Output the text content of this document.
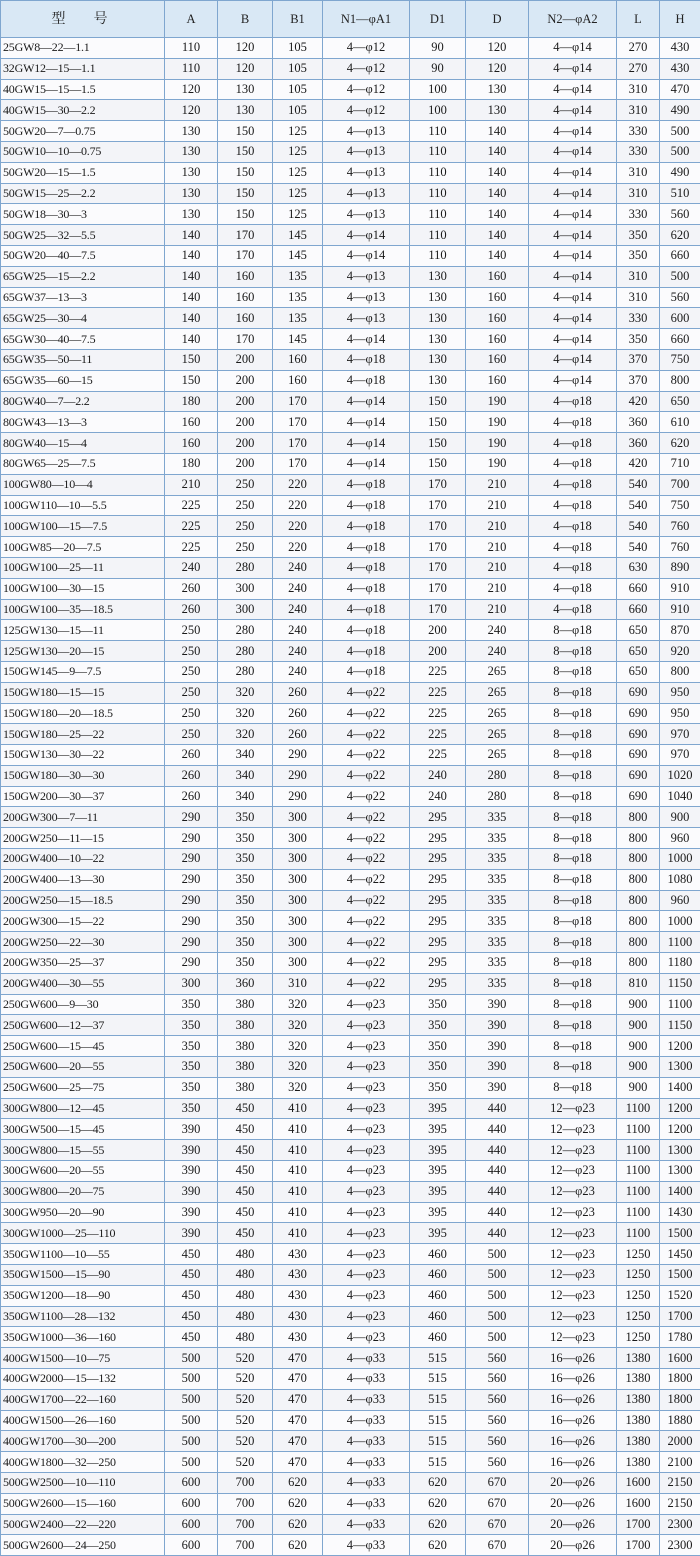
型号	A	B	B1	N1—φA1	D1	D	N2—φA2	L	H
25GW8—22—1.1	110	120	105	4—φ12	90	120	4—φ14	270	430
32GW12—15—1.1	110	120	105	4—φ12	90	120	4—φ14	270	430
40GW15—15—1.5	120	130	105	4—φ12	100	130	4—φ14	310	470
40GW15—30—2.2	120	130	105	4—φ12	100	130	4—φ14	310	490
50GW20—7—0.75	130	150	125	4—φ13	110	140	4—φ14	330	500
50GW10—10—0.75	130	150	125	4—φ13	110	140	4—φ14	330	500
50GW20—15—1.5	130	150	125	4—φ13	110	140	4—φ14	310	490
50GW15—25—2.2	130	150	125	4—φ13	110	140	4—φ14	310	510
50GW18—30—3	130	150	125	4—φ13	110	140	4—φ14	330	560
50GW25—32—5.5	140	170	145	4—φ14	110	140	4—φ14	350	620
50GW20—40—7.5	140	170	145	4—φ14	110	140	4—φ14	350	660
65GW25—15—2.2	140	160	135	4—φ13	130	160	4—φ14	310	500
65GW37—13—3	140	160	135	4—φ13	130	160	4—φ14	310	560
65GW25—30—4	140	160	135	4—φ13	130	160	4—φ14	330	600
65GW30—40—7.5	140	170	145	4—φ14	130	160	4—φ14	350	660
65GW35—50—11	150	200	160	4—φ18	130	160	4—φ14	370	750
65GW35—60—15	150	200	160	4—φ18	130	160	4—φ14	370	800
80GW40—7—2.2	180	200	170	4—φ14	150	190	4—φ18	420	650
80GW43—13—3	160	200	170	4—φ14	150	190	4—φ18	360	610
80GW40—15—4	160	200	170	4—φ14	150	190	4—φ18	360	620
80GW65—25—7.5	180	200	170	4—φ14	150	190	4—φ18	420	710
100GW80—10—4	210	250	220	4—φ18	170	210	4—φ18	540	700
100GW110—10—5.5	225	250	220	4—φ18	170	210	4—φ18	540	750
100GW100—15—7.5	225	250	220	4—φ18	170	210	4—φ18	540	760
100GW85—20—7.5	225	250	220	4—φ18	170	210	4—φ18	540	760
100GW100—25—11	240	280	240	4—φ18	170	210	4—φ18	630	890
100GW100—30—15	260	300	240	4—φ18	170	210	4—φ18	660	910
100GW100—35—18.5	260	300	240	4—φ18	170	210	4—φ18	660	910
125GW130—15—11	250	280	240	4—φ18	200	240	8—φ18	650	870
125GW130—20—15	250	280	240	4—φ18	200	240	8—φ18	650	920
150GW145—9—7.5	250	280	240	4—φ18	225	265	8—φ18	650	800
150GW180—15—15	250	320	260	4—φ22	225	265	8—φ18	690	950
150GW180—20—18.5	250	320	260	4—φ22	225	265	8—φ18	690	950
150GW180—25—22	250	320	260	4—φ22	225	265	8—φ18	690	970
150GW130—30—22	260	340	290	4—φ22	225	265	8—φ18	690	970
150GW180—30—30	260	340	290	4—φ22	240	280	8—φ18	690	1020
150GW200—30—37	260	340	290	4—φ22	240	280	8—φ18	690	1040
200GW300—7—11	290	350	300	4—φ22	295	335	8—φ18	800	900
200GW250—11—15	290	350	300	4—φ22	295	335	8—φ18	800	960
200GW400—10—22	290	350	300	4—φ22	295	335	8—φ18	800	1000
200GW400—13—30	290	350	300	4—φ22	295	335	8—φ18	800	1080
200GW250—15—18.5	290	350	300	4—φ22	295	335	8—φ18	800	960
200GW300—15—22	290	350	300	4—φ22	295	335	8—φ18	800	1000
200GW250—22—30	290	350	300	4—φ22	295	335	8—φ18	800	1100
200GW350—25—37	290	350	300	4—φ22	295	335	8—φ18	800	1180
200GW400—30—55	300	360	310	4—φ22	295	335	8—φ18	810	1150
250GW600—9—30	350	380	320	4—φ23	350	390	8—φ18	900	1100
250GW600—12—37	350	380	320	4—φ23	350	390	8—φ18	900	1150
250GW600—15—45	350	380	320	4—φ23	350	390	8—φ18	900	1200
250GW600—20—55	350	380	320	4—φ23	350	390	8—φ18	900	1300
250GW600—25—75	350	380	320	4—φ23	350	390	8—φ18	900	1400
300GW800—12—45	350	450	410	4—φ23	395	440	12—φ23	1100	1200
300GW500—15—45	390	450	410	4—φ23	395	440	12—φ23	1100	1200
300GW800—15—55	390	450	410	4—φ23	395	440	12—φ23	1100	1300
300GW600—20—55	390	450	410	4—φ23	395	440	12—φ23	1100	1300
300GW800—20—75	390	450	410	4—φ23	395	440	12—φ23	1100	1400
300GW950—20—90	390	450	410	4—φ23	395	440	12—φ23	1100	1430
300GW1000—25—110	390	450	410	4—φ23	395	440	12—φ23	1100	1500
350GW1100—10—55	450	480	430	4—φ23	460	500	12—φ23	1250	1450
350GW1500—15—90	450	480	430	4—φ23	460	500	12—φ23	1250	1500
350GW1200—18—90	450	480	430	4—φ23	460	500	12—φ23	1250	1520
350GW1100—28—132	450	480	430	4—φ23	460	500	12—φ23	1250	1700
350GW1000—36—160	450	480	430	4—φ23	460	500	12—φ23	1250	1780
400GW1500—10—75	500	520	470	4—φ33	515	560	16—φ26	1380	1600
400GW2000—15—132	500	520	470	4—φ33	515	560	16—φ26	1380	1800
400GW1700—22—160	500	520	470	4—φ33	515	560	16—φ26	1380	1800
400GW1500—26—160	500	520	470	4—φ33	515	560	16—φ26	1380	1880
400GW1700—30—200	500	520	470	4—φ33	515	560	16—φ26	1380	2000
400GW1800—32—250	500	520	470	4—φ33	515	560	16—φ26	1380	2100
500GW2500—10—110	600	700	620	4—φ33	620	670	20—φ26	1600	2150
500GW2600—15—160	600	700	620	4—φ33	620	670	20—φ26	1600	2150
500GW2400—22—220	600	700	620	4—φ33	620	670	20—φ26	1700	2300
500GW2600—24—250	600	700	620	4—φ33	620	670	20—φ26	1700	2300
